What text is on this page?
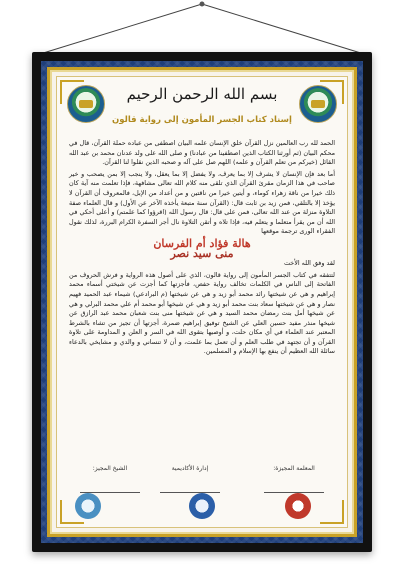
بسم الله الرحمن الرحيم
إسناد كتاب الجسر المأمون إلى رواية قالون

الحمد لله رب العالمين نزل القرآن خلق الإنسان علمه البيان اصطفى من عباده حملة القرآن، قال في محكم البيان (ثم أورثنا الكتاب الذين اصطفينا من عبادنا) و صلى الله على ولد عدنان محمد بن عبد الله القائل (خيركم من تعلم القرآن و علمه) اللهم صل على آله و صحبه الذين نقلوا لنا القرآن.

أما بعد فإن الإنسان لا يشرف إلا بما يعرف، ولا يفضل إلا بما يعقل، ولا ينجب إلا بمن يصحب و خير صاحب في هذا الزمان مقرئ القرآن الذي تلقى منه كلام الله تعالى مشافهة، فإذا تعلمت منه آية كان ذلك خيرا من ناقة زهراء كوماء، و أيتين خيرا من ناقتين و من أعداد من الإبل، فالمعروف أن القرآن لا يؤخذ إلا بالتلقي، فمن زيد بن ثابت قال: (القرآن سنة متبعة يأخذه الآخر عن الأول) و قال العلماء صفة التلاوة منزلة من عند الله تعالى، فمن على قال: قال رسول الله (اقرؤوا كما علمتم) و أعلى أحكي في الله أن من يقرأ متعلما و يتعلم فيه، فإذا تلاه و أتقن التلاوة نال أجر السفرة الكرام البررة، لذلك نقول الفقراء الورى ترجمة موقعها

هالة فؤاد أم الفرسان
منى سيد نصر

لقد وفق الله الأخت

لتتفقه في كتاب الجسر المأمون إلى رواية قالون، الذي على أصول هذه الرواية و فرش الحروف من الفاتحة إلى الناس في الكلمات تخالف رواية حفص، فأجزتها كما أجزت عن شيختي أسماء محمد إبراهيم و هي عن شيختها رائد محمد أبو زيد و هي عن شيختها (م البرادعي) شيماء عبد الحميد فهيم نصار و هي عن شيختها سعاد بنت محمد أبو زيد و هي عن شيخها أبو محمد أم علي محمد البرلي و هي عن شيخها أمل بنت رمضان محمد السيد و هي عن شيختها منى بنت شعبان محمد عبد الرازق عن شيخها منذر مفيد حسين العلي عن الشيخ توفيق إبراهيم ضمرة، أجزتها أن تجيز من تشاء بالشرط المعتبر عند العلماء في أي مكان حلت، و أوصيها بتقوى الله في السر و العلن و المداومة على تلاوة القرآن و أن تجتهد في طلب العلم و أن تعمل بما علمت، و أن لا تنساني و والدي و مشايخي بالدعاء سائلة الله العظيم أن ينفع بها الإسلام و المسلمين.

المعلمة المجيزة:
إدارة الأكاديمية
الشيخ المجيز:
